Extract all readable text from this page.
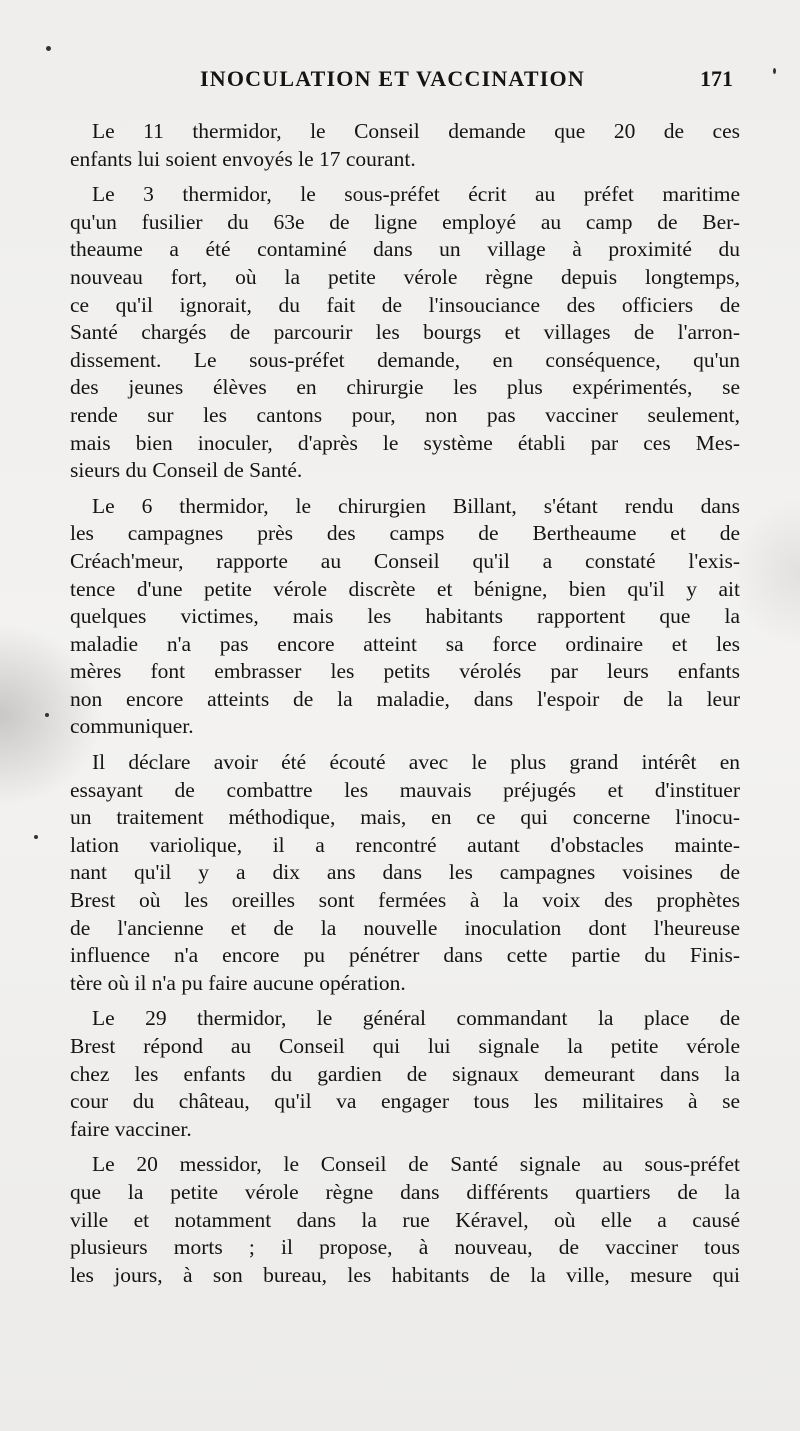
INOCULATION ET VACCINATION	171
Le 11 thermidor, le Conseil demande que 20 de ces
enfants lui soient envoyés le 17 courant.
Le 3 thermidor, le sous-préfet écrit au préfet maritime
qu'un fusilier du 63e de ligne employé au camp de Ber-
theaume a été contaminé dans un village à proximité du
nouveau fort, où la petite vérole règne depuis longtemps,
ce qu'il ignorait, du fait de l'insouciance des officiers de
Santé chargés de parcourir les bourgs et villages de l'arron-
dissement. Le sous-préfet demande, en conséquence, qu'un
des jeunes élèves en chirurgie les plus expérimentés, se
rende sur les cantons pour, non pas vacciner seulement,
mais bien inoculer, d'après le système établi par ces Mes-
sieurs du Conseil de Santé.
Le 6 thermidor, le chirurgien Billant, s'étant rendu dans
les campagnes près des camps de Bertheaume et de
Créach'meur, rapporte au Conseil qu'il a constaté l'exis-
tence d'une petite vérole discrète et bénigne, bien qu'il y ait
quelques victimes, mais les habitants rapportent que la
maladie n'a pas encore atteint sa force ordinaire et les
mères font embrasser les petits vérolés par leurs enfants
non encore atteints de la maladie, dans l'espoir de la leur
communiquer.
Il déclare avoir été écouté avec le plus grand intérêt en
essayant de combattre les mauvais préjugés et d'instituer
un traitement méthodique, mais, en ce qui concerne l'inocu-
lation variolique, il a rencontré autant d'obstacles mainte-
nant qu'il y a dix ans dans les campagnes voisines de
Brest où les oreilles sont fermées à la voix des prophètes
de l'ancienne et de la nouvelle inoculation dont l'heureuse
influence n'a encore pu pénétrer dans cette partie du Finis-
tère où il n'a pu faire aucune opération.
Le 29 thermidor, le général commandant la place de
Brest répond au Conseil qui lui signale la petite vérole
chez les enfants du gardien de signaux demeurant dans la
cour du château, qu'il va engager tous les militaires à se
faire vacciner.
Le 20 messidor, le Conseil de Santé signale au sous-préfet
que la petite vérole règne dans différents quartiers de la
ville et notamment dans la rue Kéravel, où elle a causé
plusieurs morts ; il propose, à nouveau, de vacciner tous
les jours, à son bureau, les habitants de la ville, mesure qui
